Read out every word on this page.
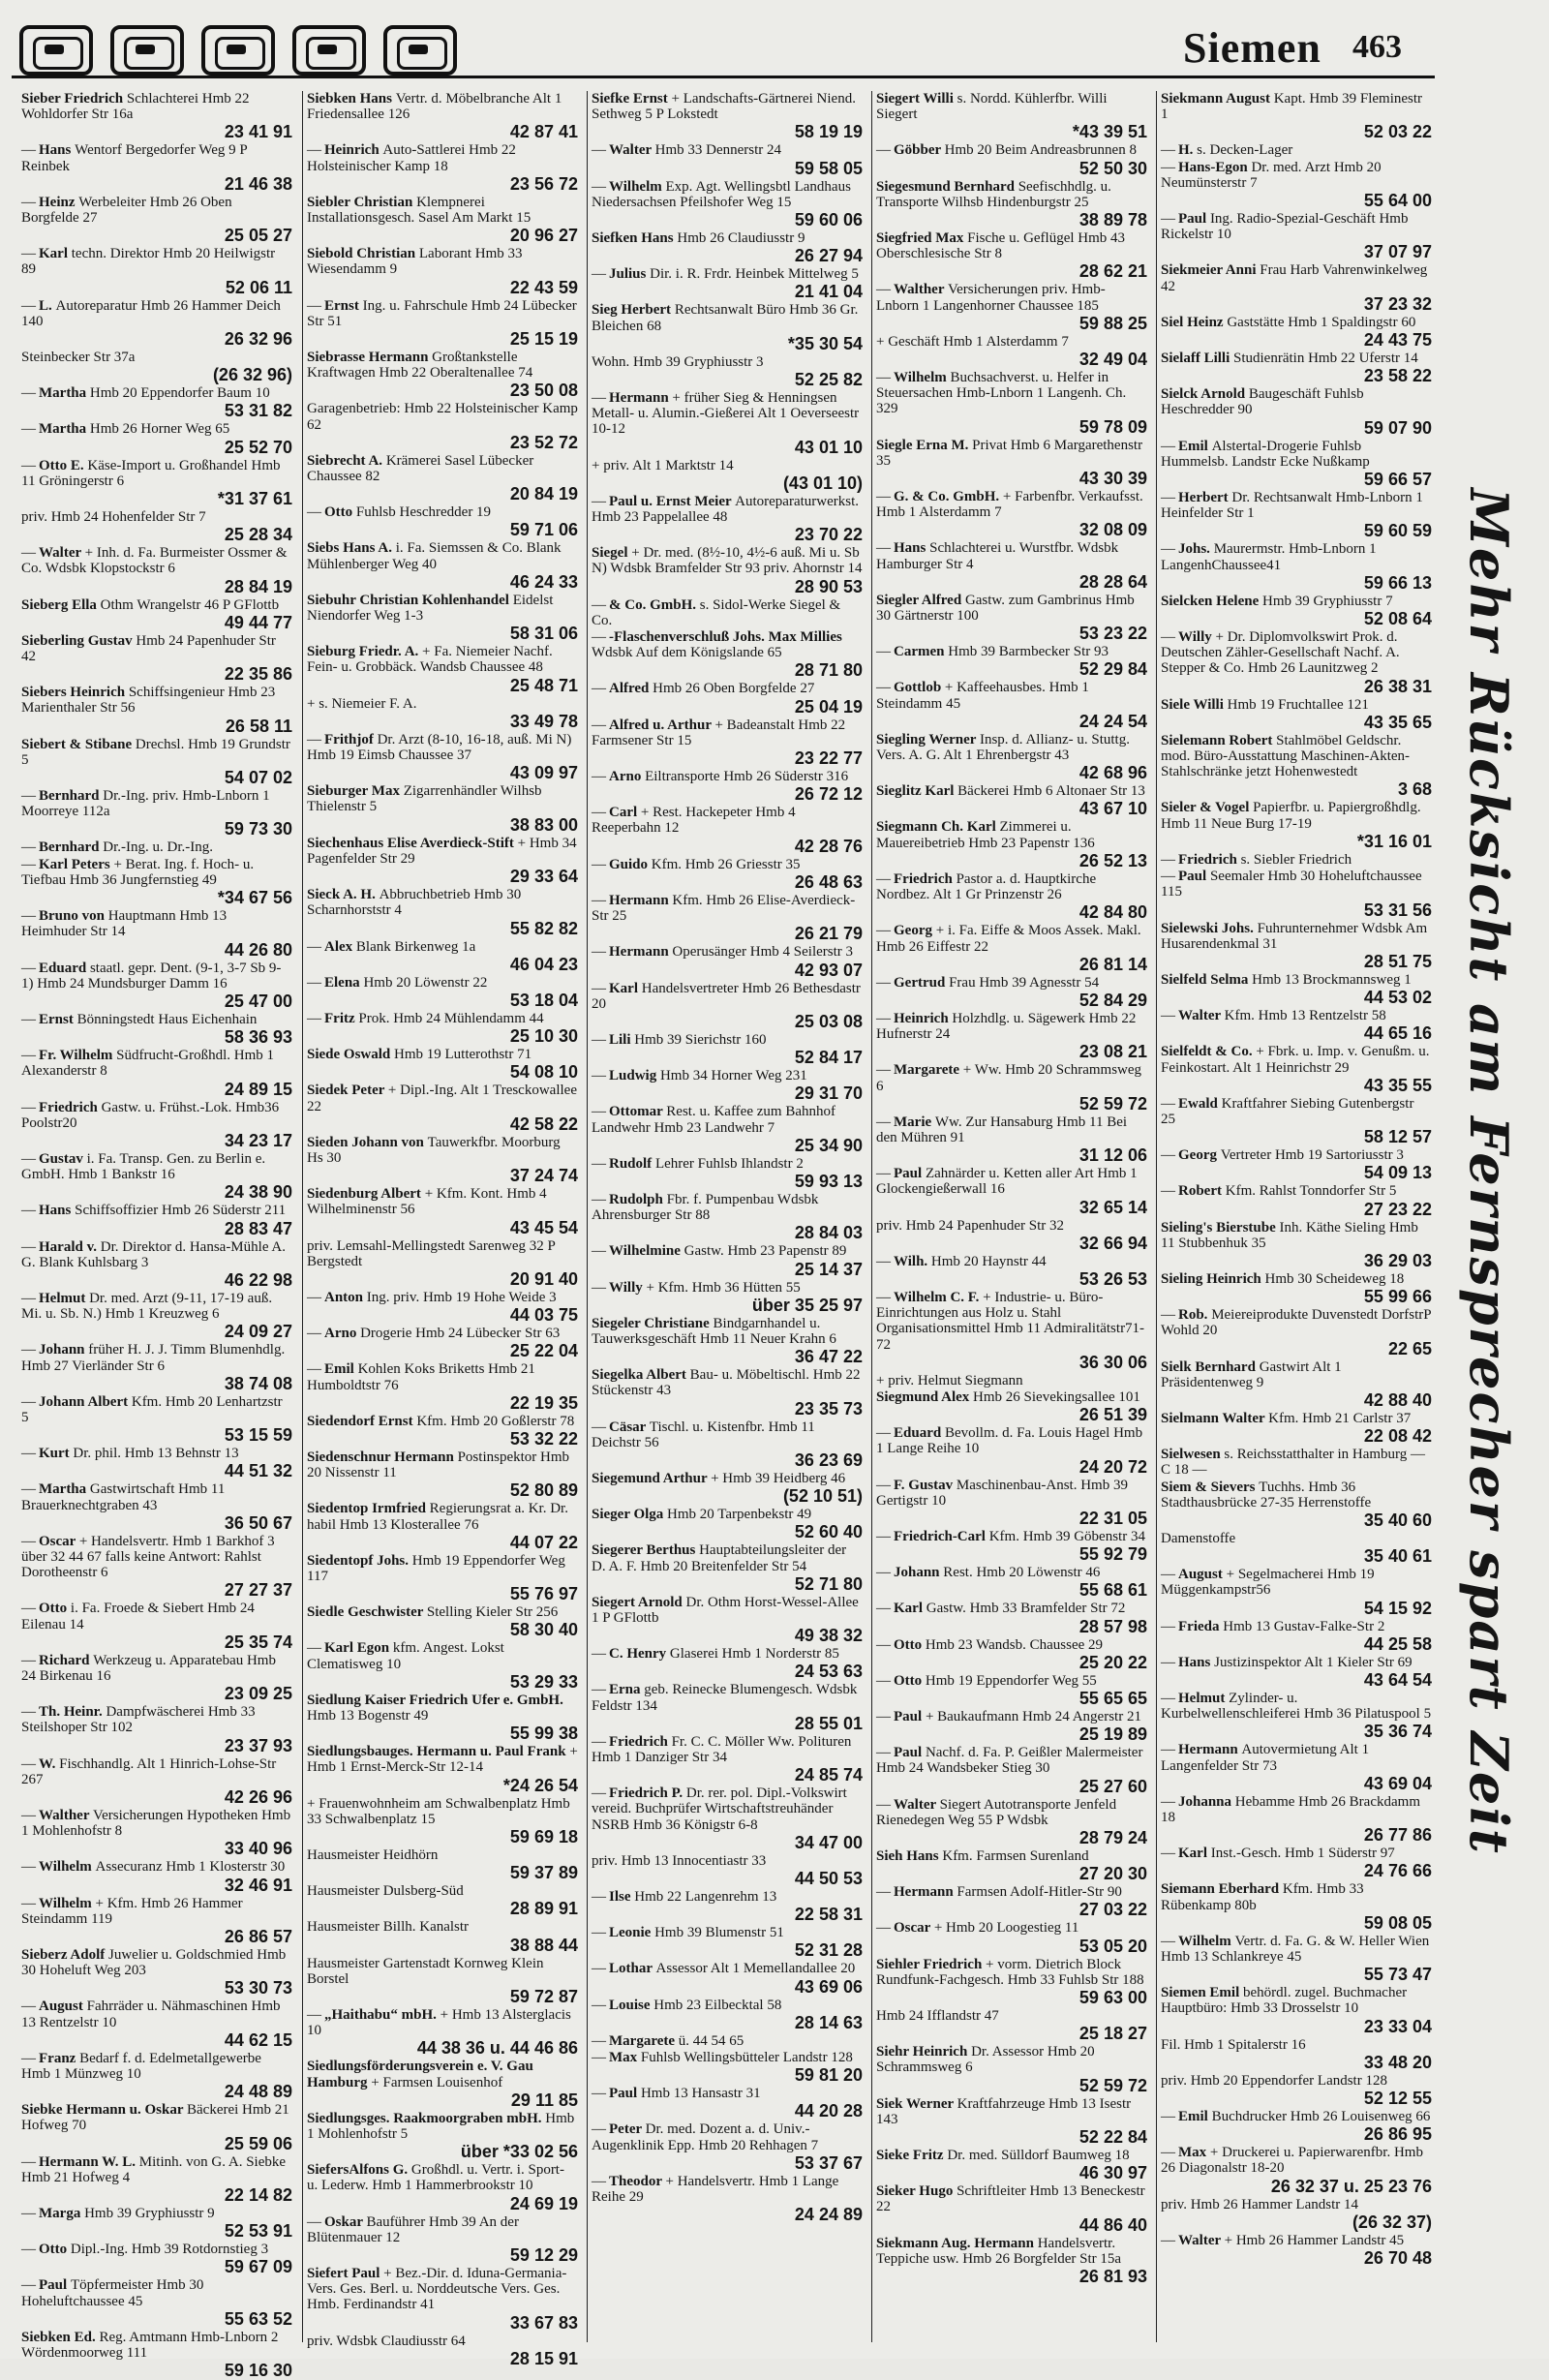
Siemen 463
Sieber Friedrich Schlachterei Hmb 22 Wohldorfer Str 16a
23 41 91
— Hans Wentorf Bergedorfer Weg 9 P Reinbek
21 46 38
— Heinz Werbeleiter Hmb 26 Oben Borgfelde 27
25 05 27
— Karl techn. Direktor Hmb 20 Heilwigstr 89
52 06 11
— L. Autoreparatur Hmb 26 Hammer Deich 140
26 32 96
Steinbecker Str 37a
(26 32 96)
— Martha Hmb 20 Eppendorfer Baum 10
53 31 82
— Martha Hmb 26 Horner Weg 65
25 52 70
— Otto E. Käse-Import u. Großhandel Hmb 11 Gröningerstr 6
*31 37 61
priv. Hmb 24 Hohenfelder Str 7
25 28 34
— Walter + Inh. d. Fa. Burmeister Ossmer & Co. Wdsbk Klopstockstr 6
28 84 19
Sieberg Ella Othm Wrangelstr 46 P GFlottb
49 44 77
Sieberling Gustav Hmb 24 Papenhuder Str 42
22 35 86
Siebers Heinrich Schiffsingenieur Hmb 23 Marienthaler Str 56
26 58 11
Siebert & Stibane Drechsl. Hmb 19 Grundstr 5
54 07 02
— Bernhard Dr.-Ing. priv. Hmb-Lnborn 1 Moorreye 112a
59 73 30
— Bernhard Dr.-Ing. u. Dr.-Ing.
— Karl Peters + Berat. Ing. f. Hoch- u. Tiefbau Hmb 36 Jungfernstieg 49
*34 67 56
— Bruno von Hauptmann Hmb 13 Heimhuder Str 14
44 26 80
— Eduard staatl. gepr. Dent. (9-1, 3-7 Sb 9-1) Hmb 24 Mundsburger Damm 16
25 47 00
— Ernst Bönningstedt Haus Eichenhain
58 36 93
— Fr. Wilhelm Südfrucht-Großhdl. Hmb 1 Alexanderstr 8
24 89 15
— Friedrich Gastw. u. Frühst.-Lok. Hmb36 Poolstr20
34 23 17
— Gustav i. Fa. Transp. Gen. zu Berlin e. GmbH. Hmb 1 Bankstr 16
24 38 90
— Hans Schiffsoffizier Hmb 26 Süderstr 211
28 83 47
— Harald v. Dr. Direktor d. Hansa-Mühle A. G. Blank Kuhlsbarg 3
46 22 98
— Helmut Dr. med. Arzt (9-11, 17-19 auß. Mi. u. Sb. N.) Hmb 1 Kreuzweg 6
24 09 27
— Johann früher H. J. J. Timm Blumenhdlg. Hmb 27 Vierländer Str 6
38 74 08
— Johann Albert Kfm. Hmb 20 Lenhartzstr 5
53 15 59
— Kurt Dr. phil. Hmb 13 Behnstr 13
44 51 32
— Martha Gastwirtschaft Hmb 11 Brauerknechtgraben 43
36 50 67
— Oscar + Handelsvertr. Hmb 1 Barkhof 3 über 32 44 67 falls keine Antwort: Rahlst Dorotheenstr 6
27 27 37
— Otto i. Fa. Froede & Siebert Hmb 24 Eilenau 14
25 35 74
— Richard Werkzeug u. Apparatebau Hmb 24 Birkenau 16
23 09 25
— Th. Heinr. Dampfwäscherei Hmb 33 Steilshoper Str 102
23 37 93
— W. Fischhandlg. Alt 1 Hinrich-Lohse-Str 267
42 26 96
— Walther Versicherungen Hypotheken Hmb 1 Mohlenhofstr 8
33 40 96
— Wilhelm Assecuranz Hmb 1 Klosterstr 30
32 46 91
— Wilhelm + Kfm. Hmb 26 Hammer Steindamm 119
26 86 57
Sieberz Adolf Juwelier u. Goldschmied Hmb 30 Hoheluft Weg 203
53 30 73
— August Fahrräder u. Nähmaschinen Hmb 13 Rentzelstr 10
44 62 15
— Franz Bedarf f. d. Edelmetallgewerbe Hmb 1 Münzweg 10
24 48 89
Siebke Hermann u. Oskar Bäckerei Hmb 21 Hofweg 70
25 59 06
— Hermann W. L. Mitinh. von G. A. Siebke Hmb 21 Hofweg 4
22 14 82
— Marga Hmb 39 Gryphiusstr 9
52 53 91
— Otto Dipl.-Ing. Hmb 39 Rotdornstieg 3
59 67 09
— Paul Töpfermeister Hmb 30 Hoheluftchaussee 45
55 63 52
Siebken Ed. Reg. Amtmann Hmb-Lnborn 2 Wördenmoorweg 111
59 16 30
Siebken Hans Vertr. d. Möbelbranche Alt 1 Friedensallee 126
42 87 41
— Heinrich Auto-Sattlerei Hmb 22 Holsteinischer Kamp 18
23 56 72
Siebler Christian Klempnerei Installationsgesch. Sasel Am Markt 15
20 96 27
Siebold Christian Laborant Hmb 33 Wiesendamm 9
22 43 59
— Ernst Ing. u. Fahrschule Hmb 24 Lübecker Str 51
25 15 19
Siebrasse Hermann Großtankstelle Kraftwagen Hmb 22 Oberaltenallee 74
23 50 08
Garagenbetrieb: Hmb 22 Holsteinischer Kamp 62
23 52 72
Siebrecht A. Krämerei Sasel Lübecker Chaussee 82
20 84 19
— Otto Fuhlsb Heschredder 19
59 71 06
Siebs Hans A. i. Fa. Siemssen & Co. Blank Mühlenberger Weg 40
46 24 33
Siebuhr Christian Kohlenhandel Eidelst Niendorfer Weg 1-3
58 31 06
Sieburg Friedr. A. + Fa. Niemeier Nachf. Fein- u. Grobbäck. Wandsb Chaussee 48
25 48 71
+ s. Niemeier F. A.
33 49 78
— Frithjof Dr. Arzt (8-10, 16-18, auß. Mi N) Hmb 19 Eimsb Chaussee 37
43 09 97
Sieburger Max Zigarrenhändler Wilhsb Thielenstr 5
38 83 00
Siechenhaus Elise Averdieck-Stift + Hmb 34 Pagenfelder Str 29
29 33 64
Sieck A. H. Abbruchbetrieb Hmb 30 Scharnhorststr 4
55 82 82
— Alex Blank Birkenweg 1a
46 04 23
— Elena Hmb 20 Löwenstr 22
53 18 04
— Fritz Prok. Hmb 24 Mühlendamm 44
25 10 30
Siede Oswald Hmb 19 Lutterothstr 71
54 08 10
Siedek Peter + Dipl.-Ing. Alt 1 Tresckowallee 22
42 58 22
Sieden Johann von Tauwerkfbr. Moorburg Hs 30
37 24 74
Siedenburg Albert + Kfm. Kont. Hmb 4 Wilhelminenstr 56
43 45 54
priv. Lemsahl-Mellingstedt Sarenweg 32 P Bergstedt
20 91 40
— Anton Ing. priv. Hmb 19 Hohe Weide 3
44 03 75
— Arno Drogerie Hmb 24 Lübecker Str 63
25 22 04
— Emil Kohlen Koks Briketts Hmb 21 Humboldtstr 76
22 19 35
Siedendorf Ernst Kfm. Hmb 20 Goßlerstr 78
53 32 22
Siedenschnur Hermann Postinspektor Hmb 20 Nissenstr 11
52 80 89
Siedentop Irmfried Regierungsrat a. Kr. Dr. habil Hmb 13 Klosterallee 76
44 07 22
Siedentopf Johs. Hmb 19 Eppendorfer Weg 117
55 76 97
Siedle Geschwister Stelling Kieler Str 256
58 30 40
— Karl Egon kfm. Angest. Lokst Clematisweg 10
53 29 33
Siedlung Kaiser Friedrich Ufer e. GmbH. Hmb 13 Bogenstr 49
55 99 38
Siedlungsbauges. Hermann u. Paul Frank + Hmb 1 Ernst-Merck-Str 12-14
*24 26 54
+ Frauenwohnheim am Schwalbenplatz Hmb 33 Schwalbenplatz 15
59 69 18
Hausmeister Heidhörn
59 37 89
Hausmeister Dulsberg-Süd
28 89 91
Hausmeister Billh. Kanalstr
38 88 44
Hausmeister Gartenstadt Kornweg Klein Borstel
59 72 87
— „Haithabu“ mbH. + Hmb 13 Alsterglacis 10
44 38 36 u. 44 46 86
Siedlungsförderungsverein e. V. Gau Hamburg + Farmsen Louisenhof
29 11 85
Siedlungsges. Raakmoorgraben mbH. Hmb 1 Mohlenhofstr 5
über *33 02 56
SiefersAlfons G. Großhdl. u. Vertr. i. Sport- u. Lederw. Hmb 1 Hammerbrookstr 10
24 69 19
— Oskar Bauführer Hmb 39 An der Blütenmauer 12
59 12 29
Siefert Paul + Bez.-Dir. d. Iduna-Germania-Vers. Ges. Berl. u. Norddeutsche Vers. Ges. Hmb. Ferdinandstr 41
33 67 83
priv. Wdsbk Claudiusstr 64
28 15 91
Siefke Ernst + Landschafts-Gärtnerei Niend. Sethweg 5 P Lokstedt
58 19 19
— Walter Hmb 33 Dennerstr 24
59 58 05
— Wilhelm Exp. Agt. Wellingsbtl Landhaus Niedersachsen Pfeilshofer Weg 15
59 60 06
Siefken Hans Hmb 26 Claudiusstr 9
26 27 94
— Julius Dir. i. R. Frdr. Heinbek Mittelweg 5
21 41 04
Sieg Herbert Rechtsanwalt Büro Hmb 36 Gr. Bleichen 68
*35 30 54
Wohn. Hmb 39 Gryphiusstr 3
52 25 82
— Hermann + früher Sieg & Henningsen Metall- u. Alumin.-Gießerei Alt 1 Oeverseestr 10-12
43 01 10
+ priv. Alt 1 Marktstr 14
(43 01 10)
— Paul u. Ernst Meier Autoreparaturwerkst. Hmb 23 Pappelallee 48
23 70 22
Siegel + Dr. med. (8½-10, 4½-6 auß. Mi u. Sb N) Wdsbk Bramfelder Str 93 priv. Ahornstr 14
28 90 53
— & Co. GmbH. s. Sidol-Werke Siegel & Co.
— -Flaschenverschluß Johs. Max Millies Wdsbk Auf dem Königslande 65
28 71 80
— Alfred Hmb 26 Oben Borgfelde 27
25 04 19
— Alfred u. Arthur + Badeanstalt Hmb 22 Farmsener Str 15
23 22 77
— Arno Eiltransporte Hmb 26 Süderstr 316
26 72 12
— Carl + Rest. Hackepeter Hmb 4 Reeperbahn 12
42 28 76
— Guido Kfm. Hmb 26 Griesstr 35
26 48 63
— Hermann Kfm. Hmb 26 Elise-Averdieck-Str 25
26 21 79
— Hermann Operusänger Hmb 4 Seilerstr 3
42 93 07
— Karl Handelsvertreter Hmb 26 Bethesdastr 20
25 03 08
— Lili Hmb 39 Sierichstr 160
52 84 17
— Ludwig Hmb 34 Horner Weg 231
29 31 70
— Ottomar Rest. u. Kaffee zum Bahnhof Landwehr Hmb 23 Landwehr 7
25 34 90
— Rudolf Lehrer Fuhlsb Ihlandstr 2
59 93 13
— Rudolph Fbr. f. Pumpenbau Wdsbk Ahrensburger Str 88
28 84 03
— Wilhelmine Gastw. Hmb 23 Papenstr 89
25 14 37
— Willy + Kfm. Hmb 36 Hütten 55
über 35 25 97
Siegeler Christiane Bindgarnhandel u. Tauwerksgeschäft Hmb 11 Neuer Krahn 6
36 47 22
Siegelka Albert Bau- u. Möbeltischl. Hmb 22 Stückenstr 43
23 35 73
— Cäsar Tischl. u. Kistenfbr. Hmb 11 Deichstr 56
36 23 69
Siegemund Arthur + Hmb 39 Heidberg 46
(52 10 51)
Sieger Olga Hmb 20 Tarpenbekstr 49
52 60 40
Siegerer Berthus Hauptabteilungsleiter der D. A. F. Hmb 20 Breitenfelder Str 54
52 71 80
Siegert Arnold Dr. Othm Horst-Wessel-Allee 1 P GFlottb
49 38 32
— C. Henry Glaserei Hmb 1 Norderstr 85
24 53 63
— Erna geb. Reinecke Blumengesch. Wdsbk Feldstr 134
28 55 01
— Friedrich Fr. C. C. Möller Ww. Polituren Hmb 1 Danziger Str 34
24 85 74
— Friedrich P. Dr. rer. pol. Dipl.-Volkswirt vereid. Buchprüfer Wirtschaftstreuhänder NSRB Hmb 36 Königstr 6-8
34 47 00
priv. Hmb 13 Innocentiastr 33
44 50 53
— Ilse Hmb 22 Langenrehm 13
22 58 31
— Leonie Hmb 39 Blumenstr 51
52 31 28
— Lothar Assessor Alt 1 Memellandallee 20
43 69 06
— Louise Hmb 23 Eilbecktal 58
28 14 63
— Margarete ü. 44 54 65
— Max Fuhlsb Wellingsbütteler Landstr 128
59 81 20
— Paul Hmb 13 Hansastr 31
44 20 28
— Peter Dr. med. Dozent a. d. Univ.-Augenklinik Epp. Hmb 20 Rehhagen 7
53 37 67
— Theodor + Handelsvertr. Hmb 1 Lange Reihe 29
24 24 89
Siegert Willi s. Nordd. Kühlerfbr. Willi Siegert
*43 39 51
— Göbber Hmb 20 Beim Andreasbrunnen 8
52 50 30
Siegesmund Bernhard Seefischhdlg. u. Transporte Wilhsb Hindenburgstr 25
38 89 78
Siegfried Max Fische u. Geflügel Hmb 43 Oberschlesische Str 8
28 62 21
— Walther Versicherungen priv. Hmb-Lnborn 1 Langenhorner Chaussee 185
59 88 25
+ Geschäft Hmb 1 Alsterdamm 7
32 49 04
— Wilhelm Buchsachverst. u. Helfer in Steuersachen Hmb-Lnborn 1 Langenh. Ch. 329
59 78 09
Siegle Erna M. Privat Hmb 6 Margarethenstr 35
43 30 39
— G. & Co. GmbH. + Farbenfbr. Verkaufsst. Hmb 1 Alsterdamm 7
32 08 09
— Hans Schlachterei u. Wurstfbr. Wdsbk Hamburger Str 4
28 28 64
Siegler Alfred Gastw. zum Gambrinus Hmb 30 Gärtnerstr 100
53 23 22
— Carmen Hmb 39 Barmbecker Str 93
52 29 84
— Gottlob + Kaffeehausbes. Hmb 1 Steindamm 45
24 24 54
Siegling Werner Insp. d. Allianz- u. Stuttg. Vers. A. G. Alt 1 Ehrenbergstr 43
42 68 96
Sieglitz Karl Bäckerei Hmb 6 Altonaer Str 13
43 67 10
Siegmann Ch. Karl Zimmerei u. Mauereibetrieb Hmb 23 Papenstr 136
26 52 13
— Friedrich Pastor a. d. Hauptkirche Nordbez. Alt 1 Gr Prinzenstr 26
42 84 80
— Georg + i. Fa. Eiffe & Moos Assek. Makl. Hmb 26 Eiffestr 22
26 81 14
— Gertrud Frau Hmb 39 Agnesstr 54
52 84 29
— Heinrich Holzhdlg. u. Sägewerk Hmb 22 Hufnerstr 24
23 08 21
— Margarete + Ww. Hmb 20 Schrammsweg 6
52 59 72
— Marie Ww. Zur Hansaburg Hmb 11 Bei den Mühren 91
31 12 06
— Paul Zahnärder u. Ketten aller Art Hmb 1 Glockengießerwall 16
32 65 14
priv. Hmb 24 Papenhuder Str 32
32 66 94
— Wilh. Hmb 20 Haynstr 44
53 26 53
— Wilhelm C. F. + Industrie- u. Büro-Einrichtungen aus Holz u. Stahl Organisationsmittel Hmb 11 Admiralitätstr71-72
36 30 06
+ priv. Helmut Siegmann
Siegmund Alex Hmb 26 Sievekingsallee 101
26 51 39
— Eduard Bevollm. d. Fa. Louis Hagel Hmb 1 Lange Reihe 10
24 20 72
— F. Gustav Maschinenbau-Anst. Hmb 39 Gertigstr 10
22 31 05
— Friedrich-Carl Kfm. Hmb 39 Göbenstr 34
55 92 79
— Johann Rest. Hmb 20 Löwenstr 46
55 68 61
— Karl Gastw. Hmb 33 Bramfelder Str 72
28 57 98
— Otto Hmb 23 Wandsb. Chaussee 29
25 20 22
— Otto Hmb 19 Eppendorfer Weg 55
55 65 65
— Paul + Baukaufmann Hmb 24 Angerstr 21
25 19 89
— Paul Nachf. d. Fa. P. Geißler Malermeister Hmb 24 Wandsbeker Stieg 30
25 27 60
— Walter Siegert Autotransporte Jenfeld Rienedegen Weg 55 P Wdsbk
28 79 24
Sieh Hans Kfm. Farmsen Surenland
27 20 30
— Hermann Farmsen Adolf-Hitler-Str 90
27 03 22
— Oscar + Hmb 20 Loogestieg 11
53 05 20
Siehler Friedrich + vorm. Dietrich Block Rundfunk-Fachgesch. Hmb 33 Fuhlsb Str 188
59 63 00
Hmb 24 Ifflandstr 47
25 18 27
Siehr Heinrich Dr. Assessor Hmb 20 Schrammsweg 6
52 59 72
Siek Werner Kraftfahrzeuge Hmb 13 Isestr 143
52 22 84
Sieke Fritz Dr. med. Sülldorf Baumweg 18
46 30 97
Sieker Hugo Schriftleiter Hmb 13 Beneckestr 22
44 86 40
Siekmann Aug. Hermann Handelsvertr. Teppiche usw. Hmb 26 Borgfelder Str 15a
26 81 93
Siekmann August Kapt. Hmb 39 Fleminestr 1
52 03 22
— H. s. Decken-Lager
— Hans-Egon Dr. med. Arzt Hmb 20 Neumünsterstr 7
55 64 00
— Paul Ing. Radio-Spezial-Geschäft Hmb Rickelstr 10
37 07 97
Siekmeier Anni Frau Harb Vahrenwinkelweg 42
37 23 32
Siel Heinz Gaststätte Hmb 1 Spaldingstr 60
24 43 75
Sielaff Lilli Studienrätin Hmb 22 Uferstr 14
23 58 22
Sielck Arnold Baugeschäft Fuhlsb Heschredder 90
59 07 90
— Emil Alstertal-Drogerie Fuhlsb Hummelsb. Landstr Ecke Nußkamp
59 66 57
— Herbert Dr. Rechtsanwalt Hmb-Lnborn 1 Heinfelder Str 1
59 60 59
— Johs. Maurermstr. Hmb-Lnborn 1 LangenhChaussee41
59 66 13
Sielcken Helene Hmb 39 Gryphiusstr 7
52 08 64
— Willy + Dr. Diplomvolkswirt Prok. d. Deutschen Zähler-Gesellschaft Nachf. A. Stepper & Co. Hmb 26 Launitzweg 2
26 38 31
Siele Willi Hmb 19 Fruchtallee 121
43 35 65
Sielemann Robert Stahlmöbel Geldschr. mod. Büro-Ausstattung Maschinen-Akten-Stahlschränke jetzt Hohenwestedt
3 68
Sieler & Vogel Papierfbr. u. Papiergroßhdlg. Hmb 11 Neue Burg 17-19
*31 16 01
— Friedrich s. Siebler Friedrich
— Paul Seemaler Hmb 30 Hoheluftchaussee 115
53 31 56
Sielewski Johs. Fuhrunternehmer Wdsbk Am Husarendenkmal 31
28 51 75
Sielfeld Selma Hmb 13 Brockmannsweg 1
44 53 02
— Walter Kfm. Hmb 13 Rentzelstr 58
44 65 16
Sielfeldt & Co. + Fbrk. u. Imp. v. Genußm. u. Feinkostart. Alt 1 Heinrichstr 29
43 35 55
— Ewald Kraftfahrer Siebing Gutenbergstr 25
58 12 57
— Georg Vertreter Hmb 19 Sartoriusstr 3
54 09 13
— Robert Kfm. Rahlst Tonndorfer Str 5
27 23 22
Sieling's Bierstube Inh. Käthe Sieling Hmb 11 Stubbenhuk 35
36 29 03
Sieling Heinrich Hmb 30 Scheideweg 18
55 99 66
— Rob. Meiereiprodukte Duvenstedt DorfstrP Wohld 20
22 65
Sielk Bernhard Gastwirt Alt 1 Präsidentenweg 9
42 88 40
Sielmann Walter Kfm. Hmb 21 Carlstr 37
22 08 42
Sielwesen s. Reichsstatthalter in Hamburg — C 18 —
Siem & Sievers Tuchhs. Hmb 36 Stadthausbrücke 27-35 Herrenstoffe
35 40 60
Damenstoffe
35 40 61
— August + Segelmacherei Hmb 19 Müggenkampstr56
54 15 92
— Frieda Hmb 13 Gustav-Falke-Str 2
44 25 58
— Hans Justizinspektor Alt 1 Kieler Str 69
43 64 54
— Helmut Zylinder- u. Kurbelwellenschleiferei Hmb 36 Pilatuspool 5
35 36 74
— Hermann Autovermietung Alt 1 Langenfelder Str 73
43 69 04
— Johanna Hebamme Hmb 26 Brackdamm 18
26 77 86
— Karl Inst.-Gesch. Hmb 1 Süderstr 97
24 76 66
Siemann Eberhard Kfm. Hmb 33 Rübenkamp 80b
59 08 05
— Wilhelm Vertr. d. Fa. G. & W. Heller Wien Hmb 13 Schlankreye 45
55 73 47
Siemen Emil behördl. zugel. Buchmacher Hauptbüro: Hmb 33 Drosselstr 10
23 33 04
Fil. Hmb 1 Spitalerstr 16
33 48 20
priv. Hmb 20 Eppendorfer Landstr 128
52 12 55
— Emil Buchdrucker Hmb 26 Louisenweg 66
26 86 95
— Max + Druckerei u. Papierwarenfbr. Hmb 26 Diagonalstr 18-20
26 32 37 u. 25 23 76
priv. Hmb 26 Hammer Landstr 14
(26 32 37)
— Walter + Hmb 26 Hammer Landstr 45
26 70 48
Mehr Rücksicht am Fernsprecher spart Zeit
